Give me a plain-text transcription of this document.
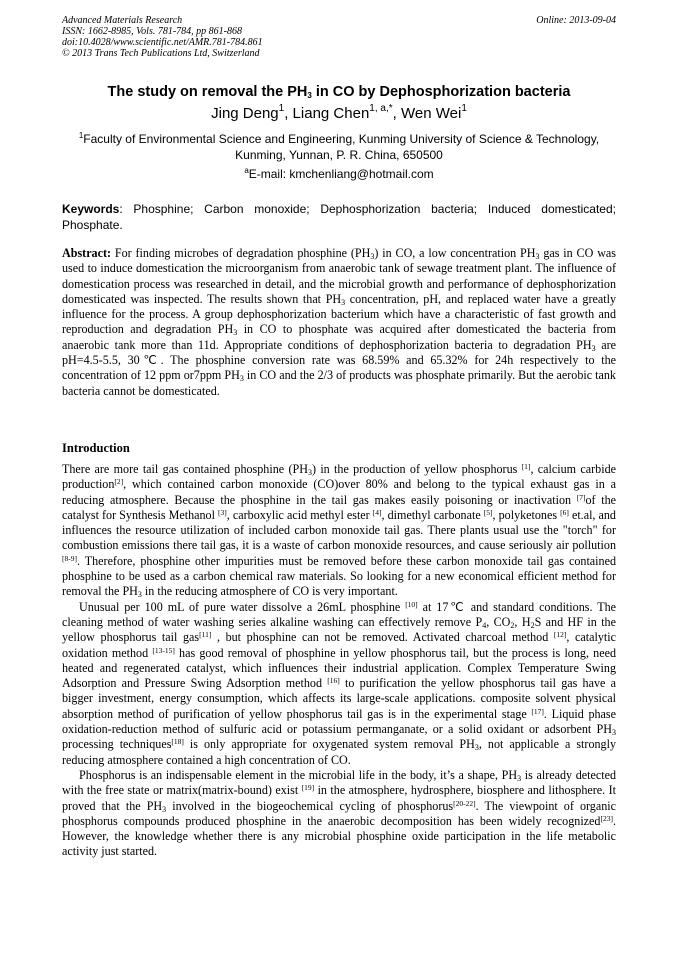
Advanced Materials Research
ISSN: 1662-8985, Vols. 781-784, pp 861-868
doi:10.4028/www.scientific.net/AMR.781-784.861
© 2013 Trans Tech Publications Ltd, Switzerland
Online: 2013-09-04
The study on removal the $PH_3$ in CO by Dephosphorization bacteria
Jing Deng$^1$, Liang Chen$^{1, a,*}$, Wen Wei$^1$
$^1$Faculty of Environmental Science and Engineering, Kunming University of Science & Technology,
Kunming, Yunnan, P. R. China, 650500
$^a$E-mail: kmchenliang@hotmail.com
Keywords: Phosphine; Carbon monoxide; Dephosphorization bacteria; Induced domesticated; Phosphate.
Abstract: For finding microbes of degradation phosphine $(PH_3)$ in CO, a low concentration $PH_3$ gas in CO was used to induce domestication the microorganism from anaerobic tank of sewage treatment plant. The influence of domestication process was researched in detail, and the microbial growth and performance of dephosphorization domesticated was inspected. The results shown that $PH_3$ concentration, pH, and replaced water have a greatly influence for the process. A group dephosphorization bacterium which have a characteristic of fast growth and reproduction and degradation $PH_3$ in CO to phosphate was acquired after domesticated the bacteria from anaerobic tank more than 11d. Appropriate conditions of dephosphorization bacteria to degradation $PH_3$ are pH=4.5-5.5, 30℃. The phosphine conversion rate was 68.59% and 65.32% for 24h respectively to the concentration of 12 ppm or7ppm $PH_3$ in CO and the 2/3 of products was phosphate primarily. But the aerobic tank bacteria cannot be domesticated.
Introduction

There are more tail gas contained phosphine $(PH_3)$ in the production of yellow phosphorus [1], calcium carbide production[2], which contained carbon monoxide (CO)over 80% and belong to the typical exhaust gas in a reducing atmosphere. Because the phosphine in the tail gas makes easily poisoning or inactivation [7]of the catalyst for Synthesis Methanol [3], carboxylic acid methyl ester [4], dimethyl carbonate [5], polyketones [6] et.al, and influences the resource utilization of included carbon monoxide tail gas. There plants usual use the "torch" for combustion emissions there tail gas, it is a waste of carbon monoxide resources, and cause seriously air pollution [8-9]. Therefore, phosphine other impurities must be removed before these carbon monoxide tail gas contained phosphine to be used as a carbon chemical raw materials. So looking for a new economical efficient method for removal the $PH_3$ in the reducing atmosphere of CO is very important.

Unusual per 100 mL of pure water dissolve a 26mL phosphine [10] at 17℃ and standard conditions. The cleaning method of water washing series alkaline washing can effectively remove $P_4$, $CO_2$, $H_2S$ and HF in the yellow phosphorus tail gas[11] , but phosphine can not be removed. Activated charcoal method [12], catalytic oxidation method [13-15] has good removal of phosphine in yellow phosphorus tail, but the process is long, need heated and regenerated catalyst, which influences their industrial application. Complex Temperature Swing Adsorption and Pressure Swing Adsorption method [16] to purification the yellow phosphorus tail gas have a bigger investment, energy consumption, which affects its large-scale applications. composite solvent physical absorption method of purification of yellow phosphorus tail gas is in the experimental stage [17]. Liquid phase oxidation-reduction method of sulfuric acid or potassium permanganate, or a solid oxidant or adsorbent $PH_3$ processing techniques[18] is only appropriate for oxygenated system removal $PH_3$, not applicable a strongly reducing atmosphere contained a high concentration of CO.

Phosphorus is an indispensable element in the microbial life in the body, it’s a shape, $PH_3$ is already detected with the free state or matrix(matrix-bound) exist [19] in the atmosphere, hydrosphere, biosphere and lithosphere. It proved that the $PH_3$ involved in the biogeochemical cycling of phosphorus[20-22]. The viewpoint of organic phosphorus compounds produced phosphine in the anaerobic decomposition has been widely recognized[23]. However, the knowledge whether there is any microbial phosphine oxide participation in the life metabolic activity just started.
